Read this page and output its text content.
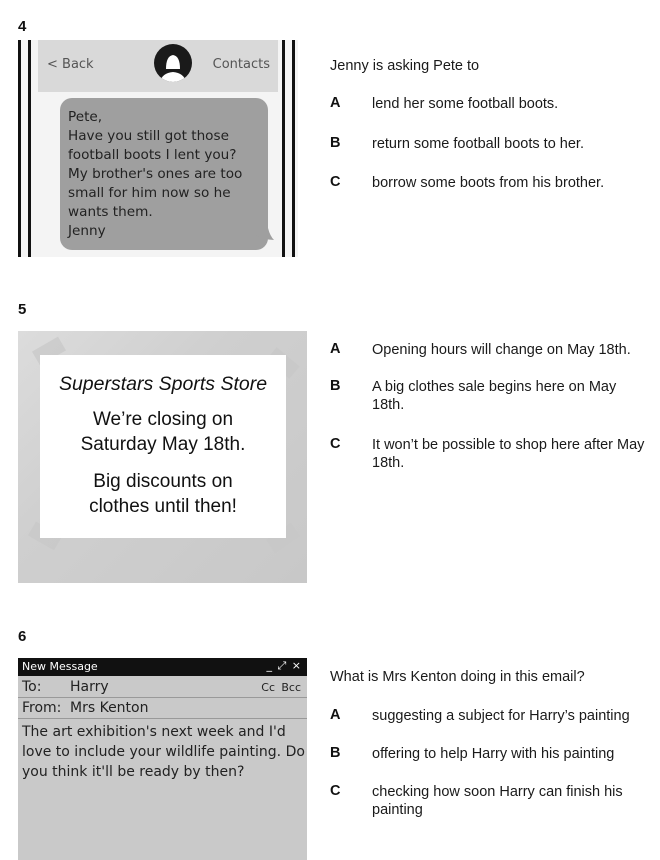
4
< Back	Contacts
Pete,
Have you still got those football boots I lent you? My brother's ones are too small for him now so he wants them.
Jenny
Jenny is asking Pete to
A lend her some football boots.
B return some football boots to her.
C borrow some boots from his brother.
5
Superstars Sports Store
We’re closing on
Saturday May 18th.
Big discounts on
clothes until then!
A Opening hours will change on May 18th.
B A big clothes sale begins here on May 18th.
C It won’t be possible to shop here after May 18th.
6
New Message	_ ⤢ ×
To: Harry	Cc Bcc
From: Mrs Kenton
The art exhibition's next week and I'd love to include your wildlife painting. Do you think it'll be ready by then?
What is Mrs Kenton doing in this email?
A suggesting a subject for Harry’s painting
B offering to help Harry with his painting
C checking how soon Harry can finish his painting
